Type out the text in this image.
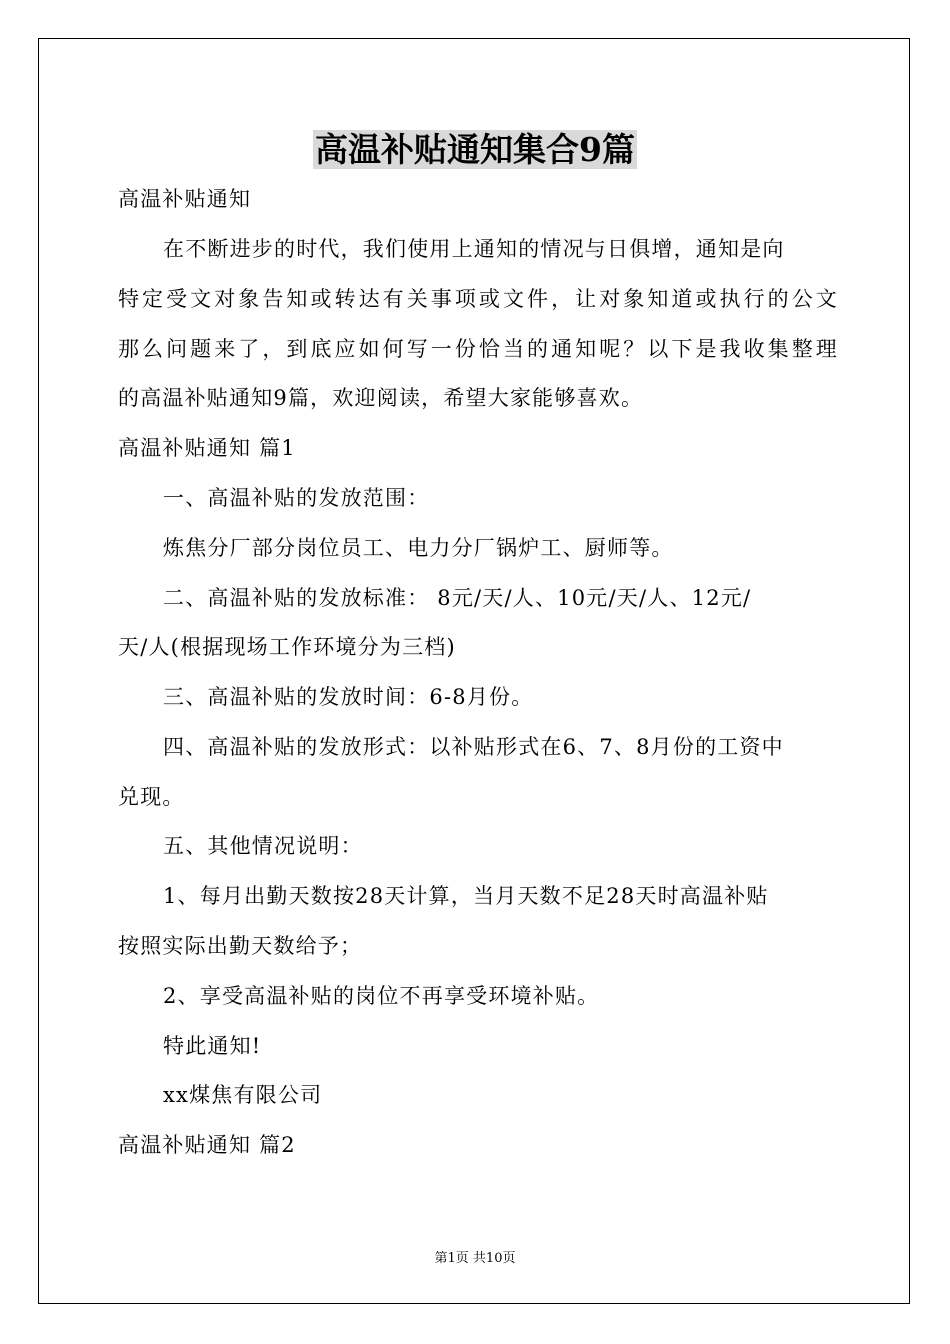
高温补贴通知集合9篇
高温补贴通知
在不断进步的时代，我们使用上通知的情况与日俱增，通知是向
特定受文对象告知或转达有关事项或文件，让对象知道或执行的公文
那么问题来了，到底应如何写一份恰当的通知呢？以下是我收集整理
的高温补贴通知9篇，欢迎阅读，希望大家能够喜欢。
高温补贴通知 篇1
一、高温补贴的发放范围：
炼焦分厂部分岗位员工、电力分厂锅炉工、厨师等。
二、高温补贴的发放标准： 8元/天/人、10元/天/人、12元/
天/人(根据现场工作环境分为三档)
三、高温补贴的发放时间：6-8月份。
四、高温补贴的发放形式：以补贴形式在6、7、8月份的工资中
兑现。
五、其他情况说明：
1、每月出勤天数按28天计算，当月天数不足28天时高温补贴
按照实际出勤天数给予；
2、享受高温补贴的岗位不再享受环境补贴。
特此通知!
xx煤焦有限公司
高温补贴通知 篇2
第1页 共10页
